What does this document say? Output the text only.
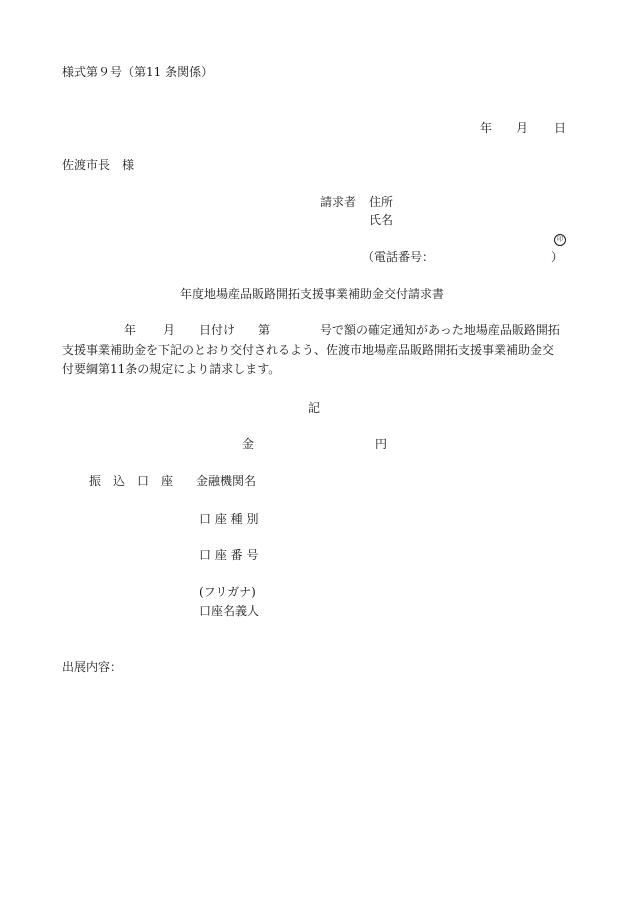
様式第９号（第11 条関係）
年 月 日
佐渡市長　様
請求者 住所
氏名
印
（電話番号：	）
年度地場産品販路開拓支援事業補助金交付請求書
年 月 日付け 第	号で額の確定通知があった地場産品販路開拓
支援事業補助金を下記のとおり交付されるよう、佐渡市地場産品販路開拓支援事業補助金交
付要綱第11条の規定により請求します。
記
金	円
振　込　口　座 金融機関名
口 座 種 別
口 座 番 号
(フリガナ)
口座名義人
出展内容：
